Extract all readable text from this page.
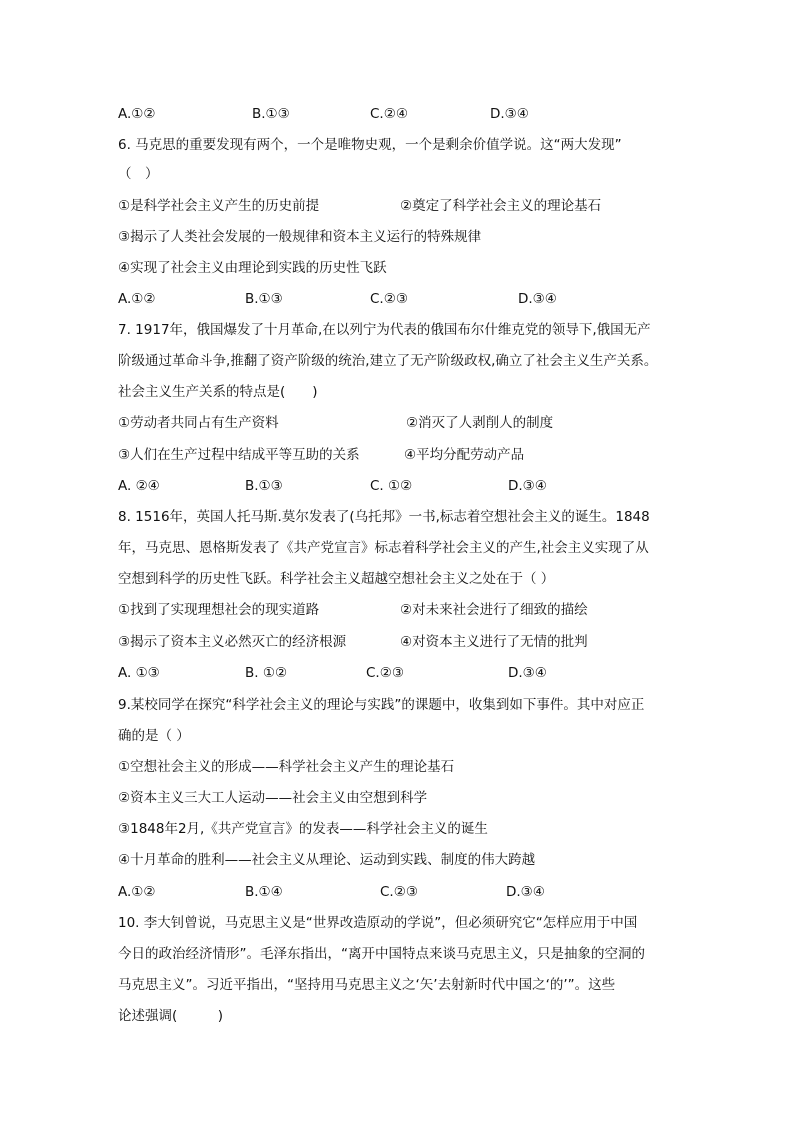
A.①②	B.①③	C.②④	D.③④
6. 马克思的重要发现有两个，一个是唯物史观，一个是剩余价值学说。这“两大发现”
（　）
①是科学社会主义产生的历史前提	②奠定了科学社会主义的理论基石
③揭示了人类社会发展的一般规律和资本主义运行的特殊规律
④实现了社会主义由理论到实践的历史性飞跃
A.①②	B.①③	C.②③	D.③④
7. 1917年，俄国爆发了十月革命,在以列宁为代表的俄国布尔什维克党的领导下,俄国无产
阶级通过革命斗争,推翻了资产阶级的统治,建立了无产阶级政权,确立了社会主义生产关系。
社会主义生产关系的特点是(　　)
①劳动者共同占有生产资料	②消灭了人剥削人的制度
③人们在生产过程中结成平等互助的关系	④平均分配劳动产品
A. ②④	B.①③	C. ①②	D.③④
8. 1516年，英国人托马斯.莫尔发表了(乌托邦》一书,标志着空想社会主义的诞生。1848
年，马克思、恩格斯发表了《共产党宣言》标志着科学社会主义的产生,社会主义实现了从
空想到科学的历史性飞跃。科学社会主义超越空想社会主义之处在于（ ）
①找到了实现理想社会的现实道路	②对未来社会进行了细致的描绘
③揭示了资本主义必然灭亡的经济根源	④对资本主义进行了无情的批判
A. ①③	B. ①②	C.②③	D.③④
9.某校同学在探究“科学社会主义的理论与实践”的课题中，收集到如下事件。其中对应正
确的是（ ）
①空想社会主义的形成——科学社会主义产生的理论基石
②资本主义三大工人运动——社会主义由空想到科学
③1848年2月,《共产党宣言》的发表——科学社会主义的诞生
④十月革命的胜利——社会主义从理论、运动到实践、制度的伟大跨越
A.①②	B.①④	C.②③	D.③④
10. 李大钊曾说，马克思主义是“世界改造原动的学说”，但必须研究它“怎样应用于中国
今日的政治经济情形”。毛泽东指出，“离开中国特点来谈马克思主义，只是抽象的空洞的
马克思主义”。习近平指出，“坚持用马克思主义之‘矢’去射新时代中国之‘的’”。这些
论述强调(　　　)
